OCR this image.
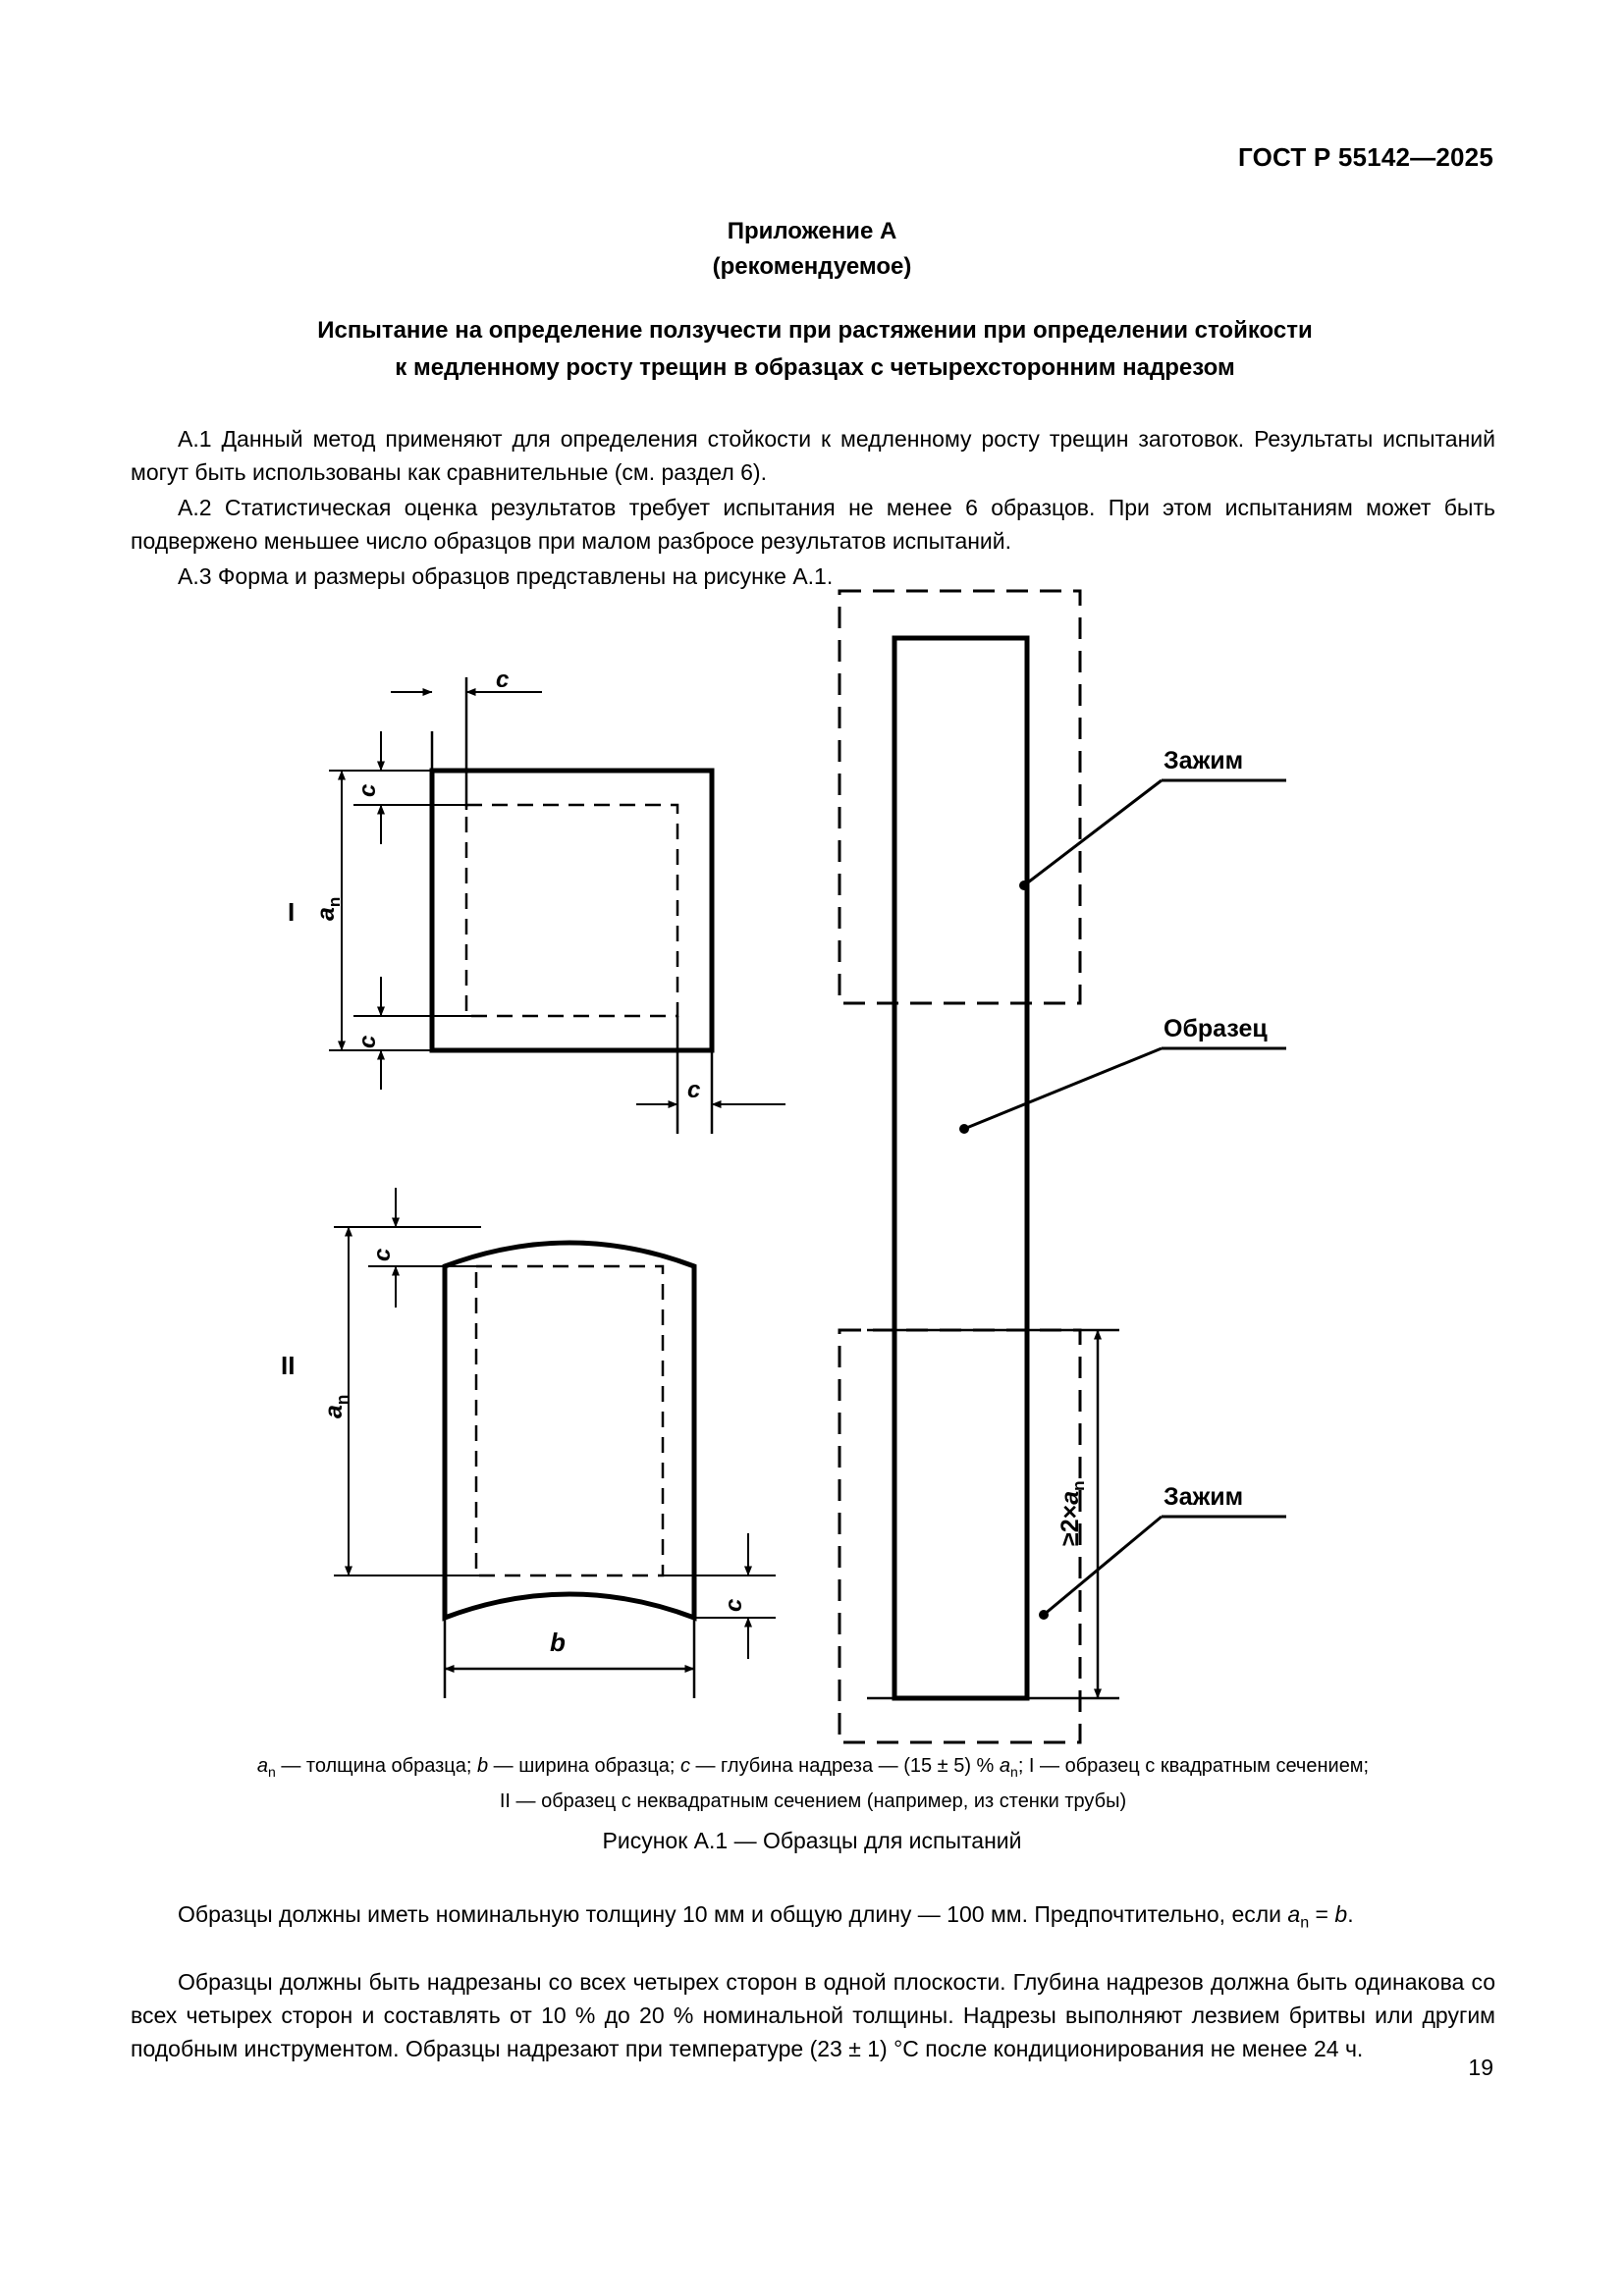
ГОСТ Р 55142—2025
Приложение А
(рекомендуемое)
Испытание на определение ползучести при растяжении при определении стойкости
к медленному росту трещин в образцах с четырехсторонним надрезом
А.1 Данный метод применяют для определения стойкости к медленному росту трещин заготовок. Результаты испытаний могут быть использованы как сравнительные (см. раздел 6).
А.2 Статистическая оценка результатов требует испытания не менее 6 образцов. При этом испытаниям может быть подвержено меньшее число образцов при малом разбросе результатов испытаний.
А.3 Форма и размеры образцов представлены на рисунке А.1.
I
II
$a_n$
$a_n$
c
c
c
c
c
c
b
$\ge 2\times a_n$
Зажим
Образец
Зажим
$a_n$ — толщина образца; b — ширина образца; c — глубина надреза — (15 ± 5) % $a_n$; I — образец с квадратным сечением;
II — образец с неквадратным сечением (например, из стенки трубы)
Рисунок А.1 — Образцы для испытаний
Образцы должны иметь номинальную толщину 10 мм и общую длину — 100 мм. Предпочтительно, если $a_n = b$.
Образцы должны быть надрезаны со всех четырех сторон в одной плоскости. Глубина надрезов должна быть одинакова со всех четырех сторон и составлять от 10 % до 20 % номинальной толщины. Надрезы выполняют лезвием бритвы или другим подобным инструментом. Образцы надрезают при температуре (23 ± 1) °C после кондиционирования не менее 24 ч.
19
